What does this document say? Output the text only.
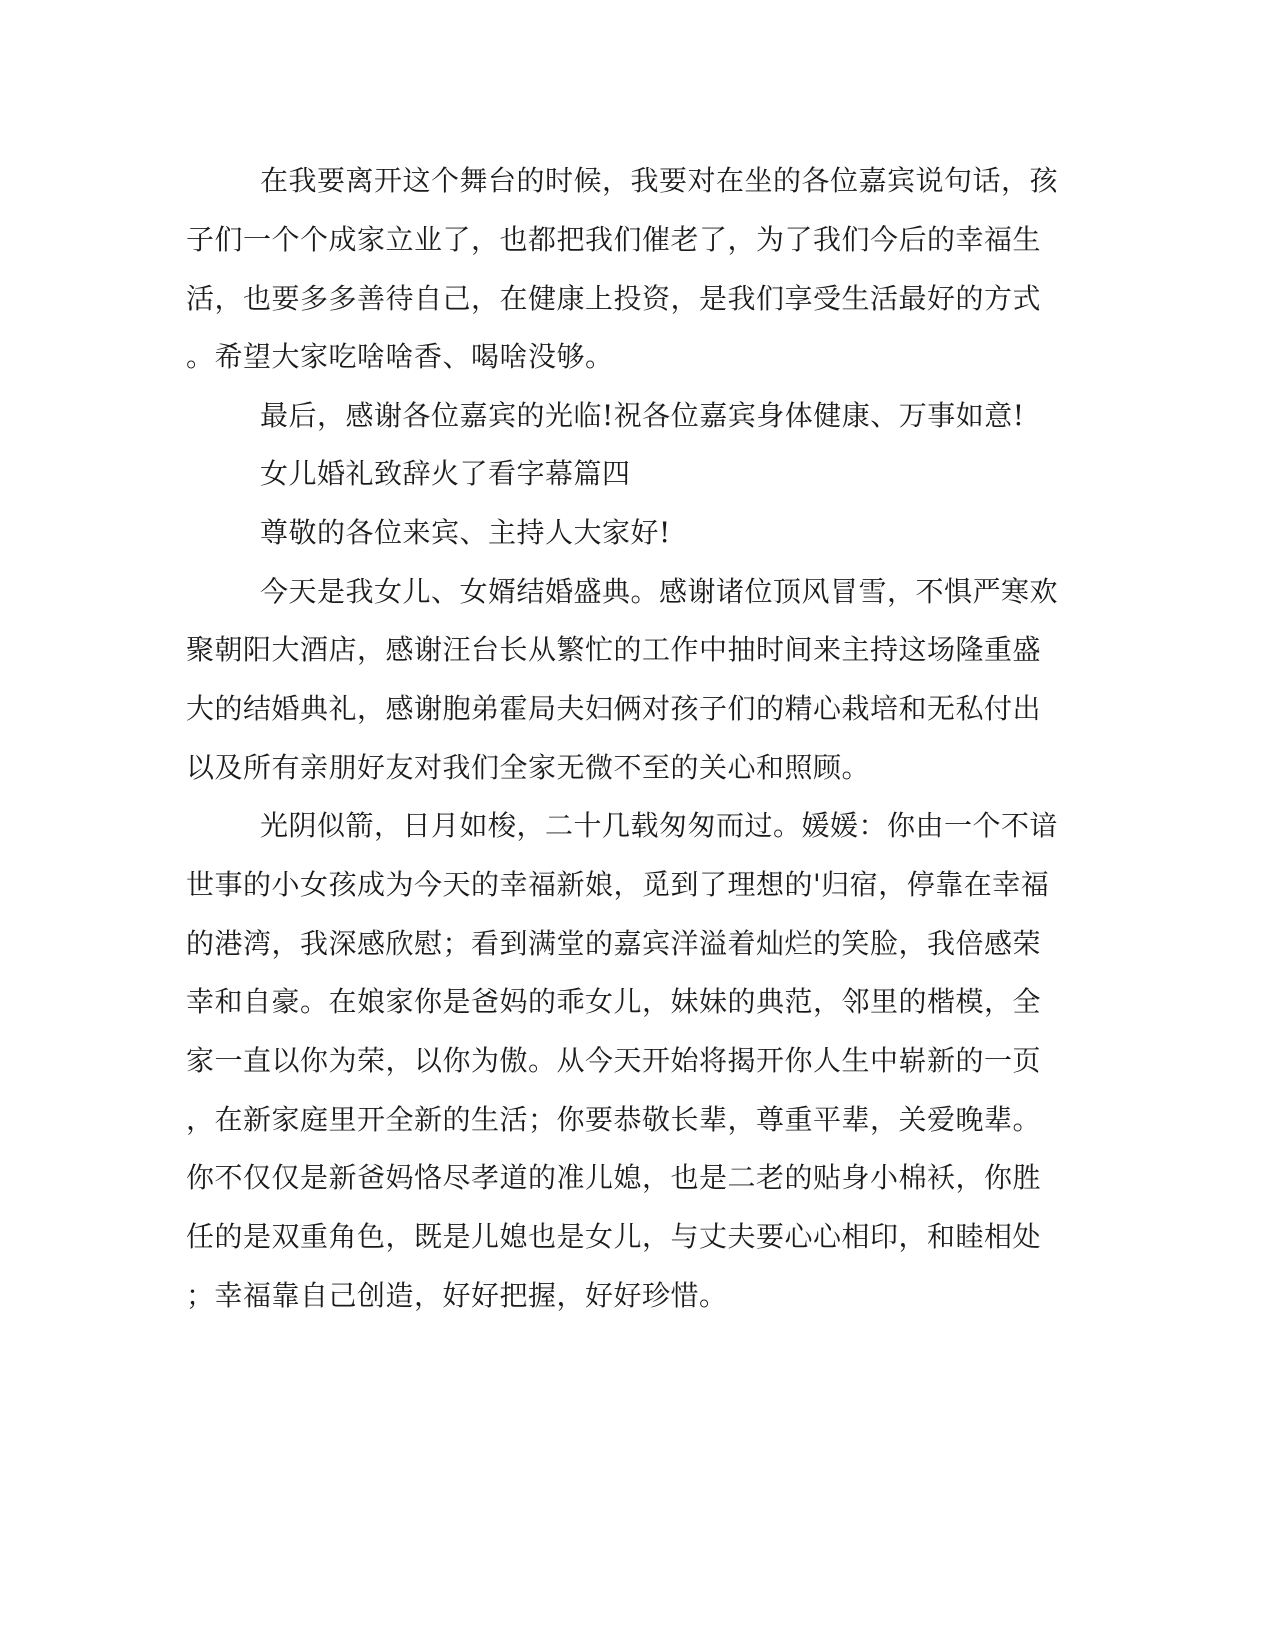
在我要离开这个舞台的时候，我要对在坐的各位嘉宾说句话，孩

子们一个个成家立业了，也都把我们催老了，为了我们今后的幸福生

活，也要多多善待自己，在健康上投资，是我们享受生活最好的方式

。希望大家吃啥啥香、喝啥没够。

最后，感谢各位嘉宾的光临!祝各位嘉宾身体健康、万事如意!

女儿婚礼致辞火了看字幕篇四

尊敬的各位来宾、主持人大家好!

今天是我女儿、女婿结婚盛典。感谢诸位顶风冒雪，不惧严寒欢

聚朝阳大酒店，感谢汪台长从繁忙的工作中抽时间来主持这场隆重盛

大的结婚典礼，感谢胞弟霍局夫妇俩对孩子们的精心栽培和无私付出

以及所有亲朋好友对我们全家无微不至的关心和照顾。

光阴似箭，日月如梭，二十几载匆匆而过。媛媛：你由一个不谙

世事的小女孩成为今天的幸福新娘，觅到了理想的'归宿，停靠在幸福

的港湾，我深感欣慰；看到满堂的嘉宾洋溢着灿烂的笑脸，我倍感荣

幸和自豪。在娘家你是爸妈的乖女儿，妹妹的典范，邻里的楷模，全

家一直以你为荣，以你为傲。从今天开始将揭开你人生中崭新的一页

，在新家庭里开全新的生活；你要恭敬长辈，尊重平辈，关爱晚辈。

你不仅仅是新爸妈恪尽孝道的准儿媳，也是二老的贴身小棉袄，你胜

任的是双重角色，既是儿媳也是女儿，与丈夫要心心相印，和睦相处

；幸福靠自己创造，好好把握，好好珍惜。
